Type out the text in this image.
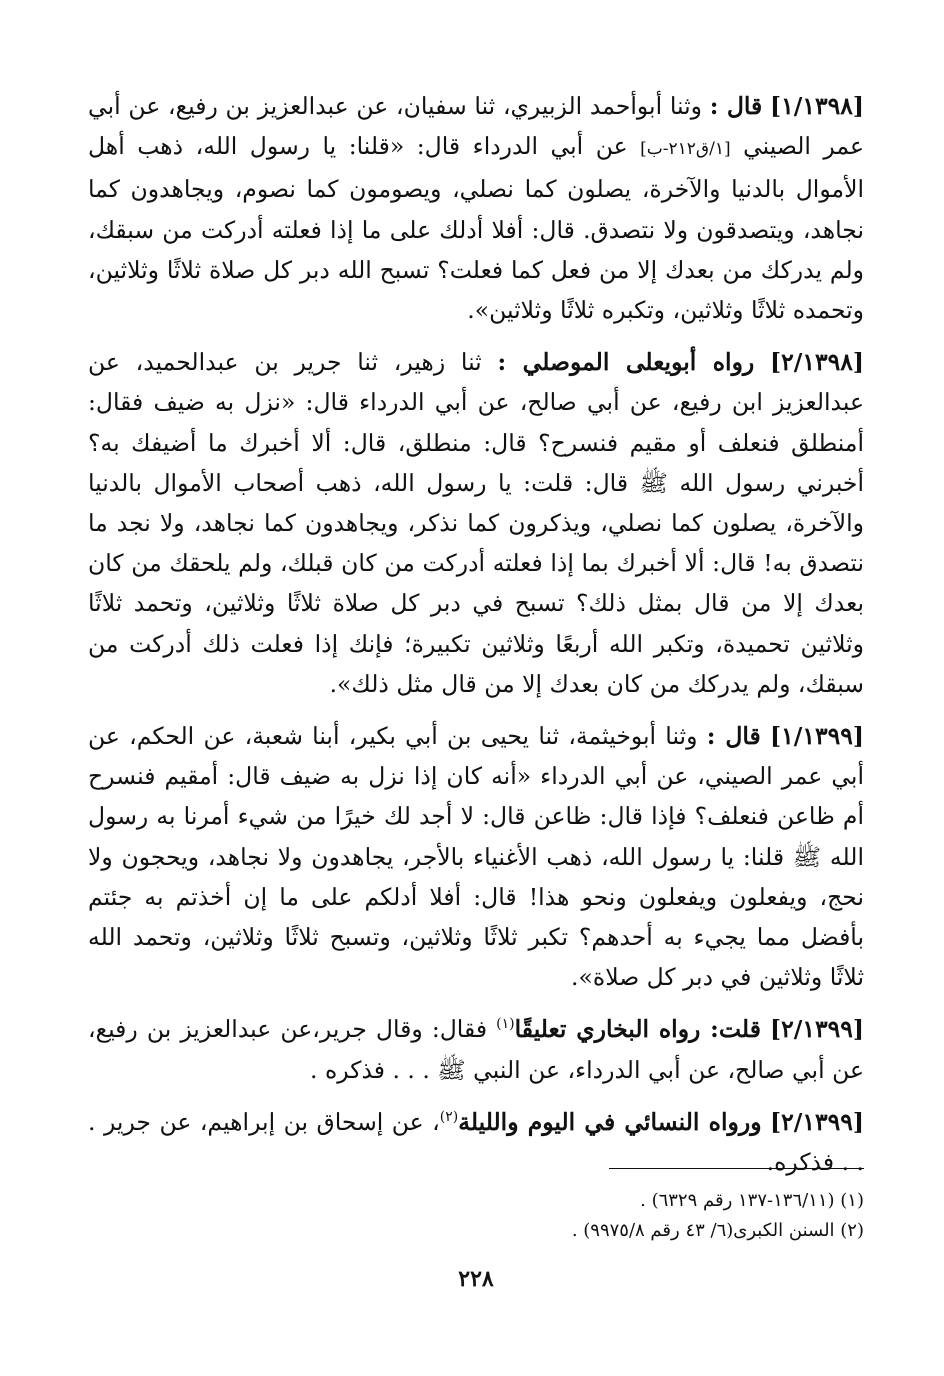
[١/١٣٩٨] قال : وثنا أبوأحمد الزبيري، ثنا سفيان، عن عبدالعزيز بن رفيع، عن أبي عمر الصيني [١/ق٢١٢-ب] عن أبي الدرداء قال: «قلنا: يا رسول الله، ذهب أهل الأموال بالدنيا والآخرة، يصلون كما نصلي، ويصومون كما نصوم، ويجاهدون كما نجاهد، ويتصدقون ولا نتصدق. قال: أفلا أدلك على ما إذا فعلته أدركت من سبقك، ولم يدركك من بعدك إلا من فعل كما فعلت؟ تسبح الله دبر كل صلاة ثلاثًا وثلاثين، وتحمده ثلاثًا وثلاثين، وتكبره ثلاثًا وثلاثين».

[٢/١٣٩٨] رواه أبويعلى الموصلي : ثنا زهير، ثنا جرير بن عبدالحميد، عن عبدالعزيز ابن رفيع، عن أبي صالح، عن أبي الدرداء قال: «نزل به ضيف فقال: أمنطلق فنعلف أو مقيم فنسرح؟ قال: منطلق، قال: ألا أخبرك ما أضيفك به؟ أخبرني رسول الله ﷺ قال: قلت: يا رسول الله، ذهب أصحاب الأموال بالدنيا والآخرة، يصلون كما نصلي، ويذكرون كما نذكر، ويجاهدون كما نجاهد، ولا نجد ما نتصدق به! قال: ألا أخبرك بما إذا فعلته أدركت من كان قبلك، ولم يلحقك من كان بعدك إلا من قال بمثل ذلك؟ تسبح في دبر كل صلاة ثلاثًا وثلاثين، وتحمد ثلاثًا وثلاثين تحميدة، وتكبر الله أربعًا وثلاثين تكبيرة؛ فإنك إذا فعلت ذلك أدركت من سبقك، ولم يدركك من كان بعدك إلا من قال مثل ذلك».

[١/١٣٩٩] قال : وثنا أبوخيثمة، ثنا يحيى بن أبي بكير، أبنا شعبة، عن الحكم، عن أبي عمر الصيني، عن أبي الدرداء «أنه كان إذا نزل به ضيف قال: أمقيم فنسرح أم ظاعن فنعلف؟ فإذا قال: ظاعن قال: لا أجد لك خيرًا من شيء أمرنا به رسول الله ﷺ قلنا: يا رسول الله، ذهب الأغنياء بالأجر، يجاهدون ولا نجاهد، ويحجون ولا نحج، ويفعلون ويفعلون ونحو هذا! قال: أفلا أدلكم على ما إن أخذتم به جئتم بأفضل مما يجيء به أحدهم؟ تكبر ثلاثًا وثلاثين، وتسبح ثلاثًا وثلاثين، وتحمد الله ثلاثًا وثلاثين في دبر كل صلاة».

[٢/١٣٩٩] قلت: رواه البخاري تعليقًا$^{(١)}$ فقال: وقال جرير،عن عبدالعزيز بن رفيع، عن أبي صالح، عن أبي الدرداء، عن النبي ﷺ . . . فذكره .

[٢/١٣٩٩] ورواه النسائي في اليوم والليلة$^{(٢)}$، عن إسحاق بن إبراهيم، عن جرير . . . فذكره.

(١) (١٣٦/١١-١٣٧ رقم ٦٣٢٩) .

(٢) السنن الكبرى(٦/ ٤٣ رقم ٩٩٧٥/٨) .

٢٢٨
